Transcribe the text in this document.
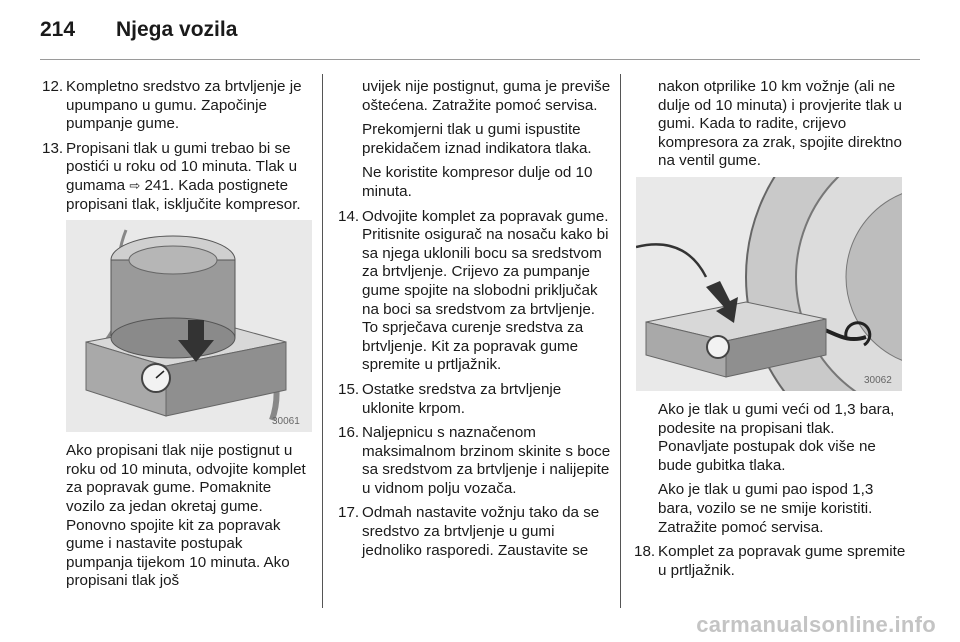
214 Njega vozila
12. Kompletno sredstvo za brtvljenje je upumpano u gumu. Započinje pumpanje gume.
13. Propisani tlak u gumi trebao bi se postići u roku od 10 minuta. Tlak u gumama ⇨ 241. Kada postignete propisani tlak, isključite kompresor.
30061
Ako propisani tlak nije postignut u roku od 10 minuta, odvojite komplet za popravak gume. Pomaknite vozilo za jedan okretaj gume. Ponovno spojite kit za popravak gume i nastavite postupak pumpanja tijekom 10 minuta. Ako propisani tlak još
uvijek nije postignut, guma je previše oštećena. Zatražite pomoć servisa.
Prekomjerni tlak u gumi ispustite prekidačem iznad indikatora tlaka.
Ne koristite kompresor dulje od 10 minuta.
14. Odvojite komplet za popravak gume. Pritisnite osigurač na nosaču kako bi sa njega uklonili bocu sa sredstvom za brtvljenje. Crijevo za pumpanje gume spojite na slobodni priključak na boci sa sredstvom za brtvljenje. To sprječava curenje sredstva za brtvljenje. Kit za popravak gume spremite u prtljažnik.
15. Ostatke sredstva za brtvljenje uklonite krpom.
16. Naljepnicu s naznačenom maksimalnom brzinom skinite s boce sa sredstvom za brtvljenje i nalijepite u vidnom polju vozača.
17. Odmah nastavite vožnju tako da se sredstvo za brtvljenje u gumi jednoliko rasporedi. Zaustavite se
nakon otprilike 10 km vožnje (ali ne dulje od 10 minuta) i provjerite tlak u gumi. Kada to radite, crijevo kompresora za zrak, spojite direktno na ventil gume.
30062
Ako je tlak u gumi veći od 1,3 bara, podesite na propisani tlak. Ponavljate postupak dok više ne bude gubitka tlaka.
Ako je tlak u gumi pao ispod 1,3 bara, vozilo se ne smije koristiti. Zatražite pomoć servisa.
18. Komplet za popravak gume spremite u prtljažnik.
carmanualsonline.info
